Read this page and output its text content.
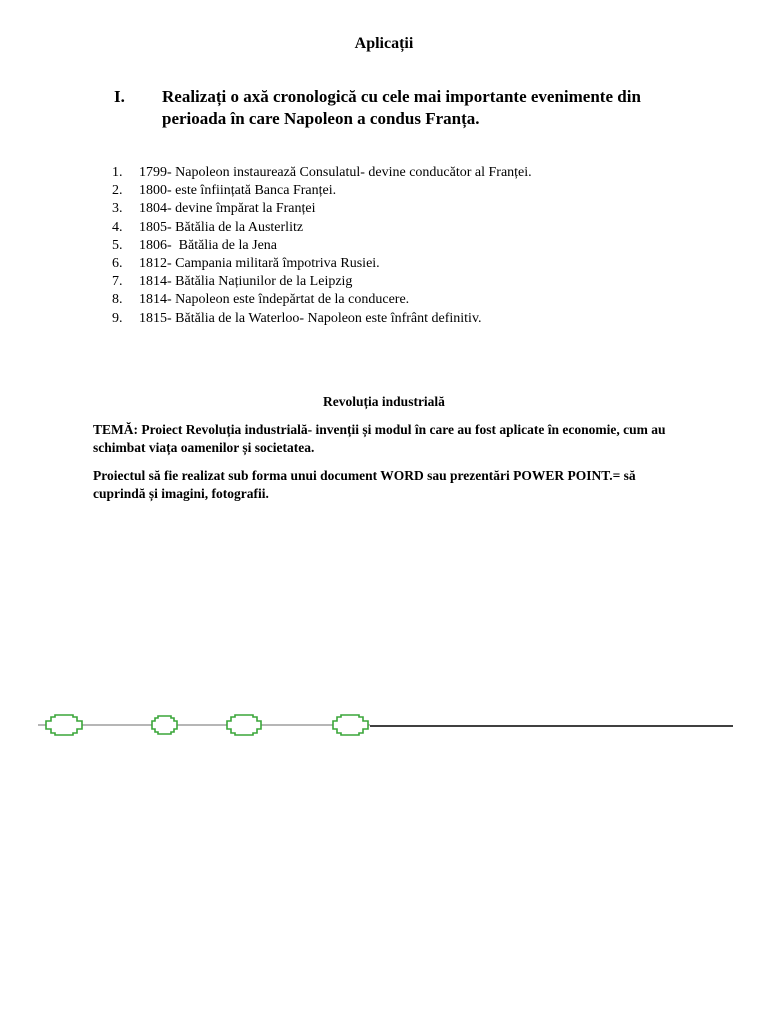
Aplicații
I.	Realizați o axă cronologică cu cele mai importante evenimente din perioada în care Napoleon a condus Franța.
1.	1799- Napoleon instaurează Consulatul- devine conducător al Franței.
2.	1800- este înființată Banca Franței.
3.	1804- devine împărat la Franței
4.	1805- Bătălia de la Austerlitz
5.	1806-  Bătălia de la Jena
6.	1812- Campania militară împotriva Rusiei.
7.	1814- Bătălia Națiunilor de la Leipzig
8.	1814- Napoleon este îndepărtat de la conducere.
9.	1815- Bătălia de la Waterloo- Napoleon este înfrânt definitiv.
Revoluția industrială
TEMĂ: Proiect Revoluția industrială- invenții și modul în care au fost aplicate în economie, cum au schimbat viața oamenilor și societatea.
Proiectul să fie realizat sub forma unui document WORD sau prezentări POWER POINT.= să cuprindă și imagini, fotografii.
